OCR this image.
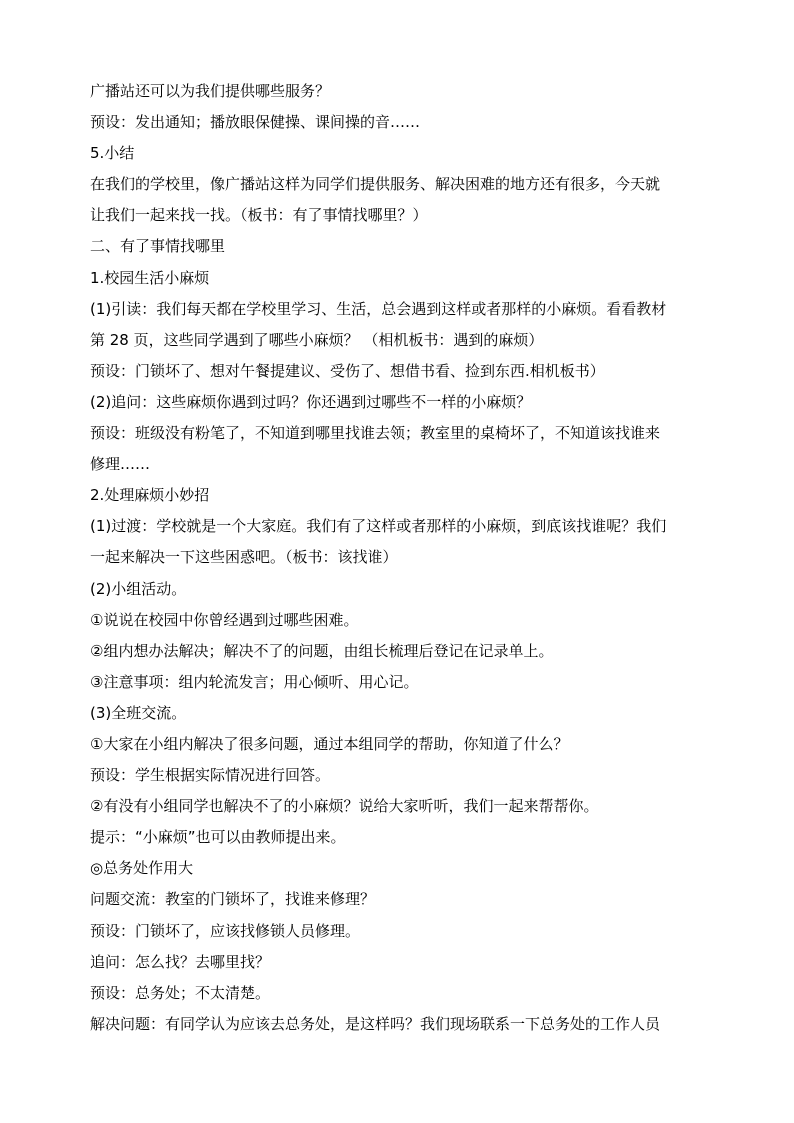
广播站还可以为我们提供哪些服务？
预设：发出通知；播放眼保健操、课间操的音……
5.小结
在我们的学校里，像广播站这样为同学们提供服务、解决困难的地方还有很多，今天就
让我们一起来找一找。（板书：有了事情找哪里？）
二、有了事情找哪里
1.校园生活小麻烦
(1)引读：我们每天都在学校里学习、生活，总会遇到这样或者那样的小麻烦。看看教材
第 28 页，这些同学遇到了哪些小麻烦？ （相机板书：遇到的麻烦）
预设：门锁坏了、想对午餐提建议、受伤了、想借书看、捡到东西.相机板书）
(2)追问：这些麻烦你遇到过吗？你还遇到过哪些不一样的小麻烦？
预设：班级没有粉笔了，不知道到哪里找谁去领；教室里的桌椅坏了，不知道该找谁来
修理……
2.处理麻烦小妙招
(1)过渡：学校就是一个大家庭。我们有了这样或者那样的小麻烦，到底该找谁呢？我们
一起来解决一下这些困惑吧。（板书：该找谁）
(2)小组活动。
①说说在校园中你曾经遇到过哪些困难。
②组内想办法解决；解决不了的问题，由组长梳理后登记在记录单上。
③注意事项：组内轮流发言；用心倾听、用心记。
(3)全班交流。
①大家在小组内解决了很多问题，通过本组同学的帮助，你知道了什么？
预设：学生根据实际情况进行回答。
②有没有小组同学也解决不了的小麻烦？说给大家听听，我们一起来帮帮你。
提示：“小麻烦”也可以由教师提出来。
◎总务处作用大
问题交流：教室的门锁坏了，找谁来修理？
预设：门锁坏了，应该找修锁人员修理。
追问：怎么找？去哪里找？
预设：总务处；不太清楚。
解决问题：有同学认为应该去总务处，是这样吗？我们现场联系一下总务处的工作人员
